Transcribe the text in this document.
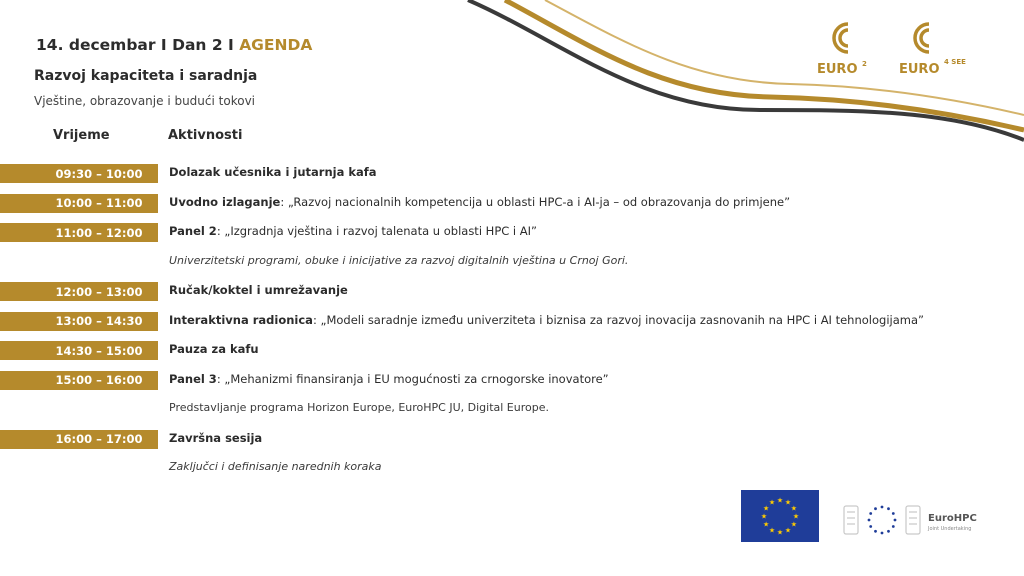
14. decembar I Dan 2 I AGENDA
Razvoj kapaciteta i saradnja
Vještine, obrazovanje i budući tokovi
Vrijeme	Aktivnosti
09:30 – 10:00	Dolazak učesnika i jutarnja kafa
10:00 – 11:00	Uvodno izlaganje: „Razvoj nacionalnih kompetencija u oblasti HPC-a i AI-ja – od obrazovanja do primjene”
11:00 – 12:00	Panel 2: „Izgradnja vještina i razvoj talenata u oblasti HPC i AI”
Univerzitetski programi, obuke i inicijative za razvoj digitalnih vještina u Crnoj Gori.
12:00 – 13:00	Ručak/koktel i umrežavanje
13:00 – 14:30	Interaktivna radionica: „Modeli saradnje između univerziteta i biznisa za razvoj inovacija zasnovanih na HPC i AI tehnologijama”
14:30 – 15:00	Pauza za kafu
15:00 – 16:00	Panel 3: „Mehanizmi finansiranja i EU mogućnosti za crnogorske inovatore”
Predstavljanje programa Horizon Europe, EuroHPC JU, Digital Europe.
16:00 – 17:00	Završna sesija
Zaključci i definisanje narednih koraka
EURO 2 EURO 4 SEE
★ ★
★
★
★
★
★
★
★
★
★
★
EuroHPC
Joint Undertaking
